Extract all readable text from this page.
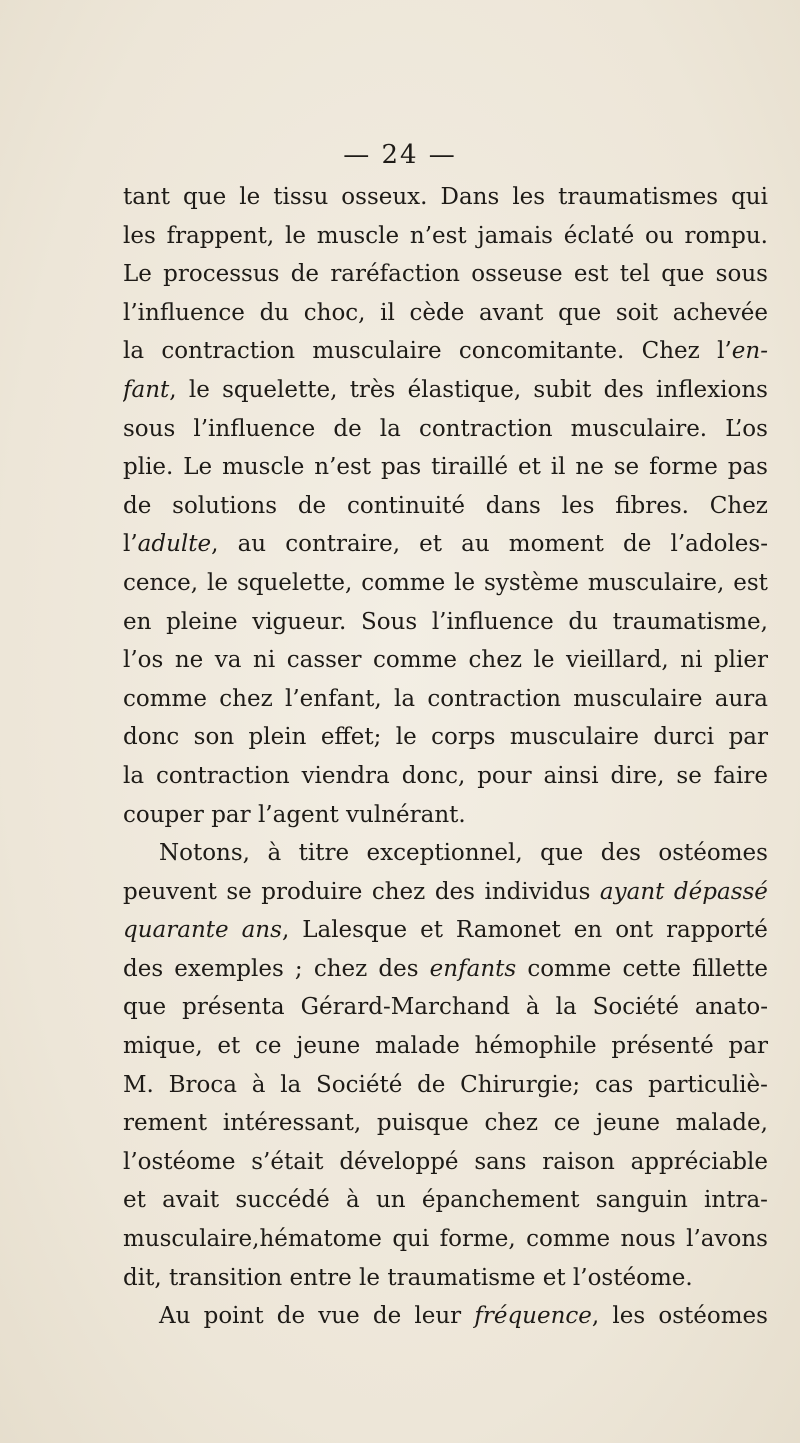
— 24 —
tant que le tissu osseux. Dans les traumatismes qui
les frappent, le muscle n’est jamais éclaté ou rompu.
Le processus de raréfaction osseuse est tel que sous
l’influence du choc, il cède avant que soit achevée
la contraction musculaire concomitante. Chez l’en-
fant, le squelette, très élastique, subit des inflexions
sous l’influence de la contraction musculaire. L’os
plie. Le muscle n’est pas tiraillé et il ne se forme pas
de solutions de continuité dans les fibres. Chez
l’adulte, au contraire, et au moment de l’adoles-
cence, le squelette, comme le système musculaire, est
en pleine vigueur. Sous l’influence du traumatisme,
l’os ne va ni casser comme chez le vieillard, ni plier
comme chez l’enfant, la contraction musculaire aura
donc son plein effet; le corps musculaire durci par
la contraction viendra donc, pour ainsi dire, se faire
couper par l’agent vulnérant.
Notons, à titre exceptionnel, que des ostéomes
peuvent se produire chez des individus ayant dépassé
quarante ans, Lalesque et Ramonet en ont rapporté
des exemples ; chez des enfants comme cette fillette
que présenta Gérard-Marchand à la Société anato-
mique, et ce jeune malade hémophile présenté par
M. Broca à la Société de Chirurgie; cas particuliè-
rement intéressant, puisque chez ce jeune malade,
l’ostéome s’était développé sans raison appréciable
et avait succédé à un épanchement sanguin intra-
musculaire,hématome qui forme, comme nous l’avons
dit, transition entre le traumatisme et l’ostéome.
Au point de vue de leur fréquence, les ostéomes
